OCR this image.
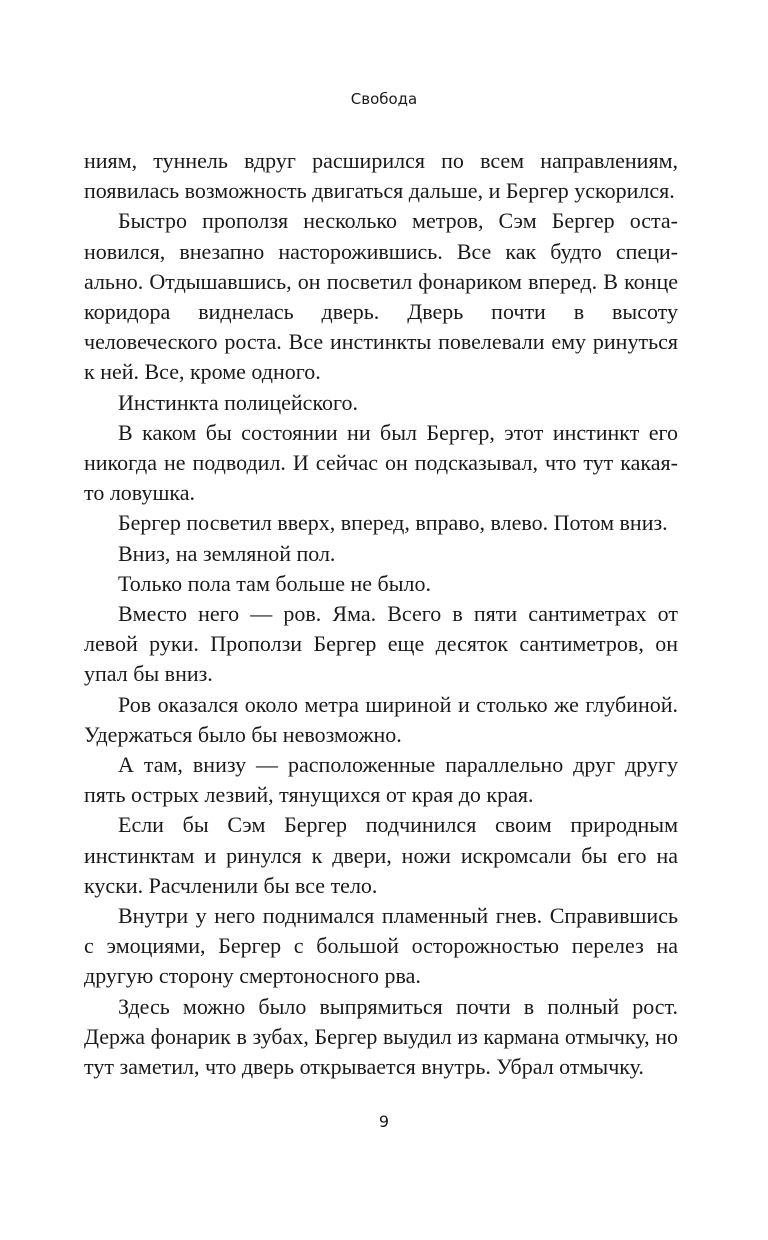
Свобода

ниям, туннель вдруг расширился по всем направлениям, появилась возможность двигаться дальше, и Бергер ускорился.

Быстро проползя несколько метров, Сэм Бергер остановился, внезапно насторожившись. Все как будто специально. Отдышавшись, он посветил фонариком вперед. В конце коридора виднелась дверь. Дверь почти в высоту человеческого роста. Все инстинкты повелевали ему ринуться к ней. Все, кроме одного.

Инстинкта полицейского.

В каком бы состоянии ни был Бергер, этот инстинкт его никогда не подводил. И сейчас он подсказывал, что тут какая-то ловушка.

Бергер посветил вверх, вперед, вправо, влево. Потом вниз.

Вниз, на земляной пол.

Только пола там больше не было.

Вместо него — ров. Яма. Всего в пяти сантиметрах от левой руки. Проползи Бергер еще десяток сантиметров, он упал бы вниз.

Ров оказался около метра шириной и столько же глубиной. Удержаться было бы невозможно.

А там, внизу — расположенные параллельно друг другу пять острых лезвий, тянущихся от края до края.

Если бы Сэм Бергер подчинился своим природным инстинктам и ринулся к двери, ножи искромсали бы его на куски. Расчленили бы все тело.

Внутри у него поднимался пламенный гнев. Справившись с эмоциями, Бергер с большой осторожностью перелез на другую сторону смертоносного рва.

Здесь можно было выпрямиться почти в полный рост. Держа фонарик в зубах, Бергер выудил из кармана отмычку, но тут заметил, что дверь открывается внутрь. Убрал отмычку.

9
